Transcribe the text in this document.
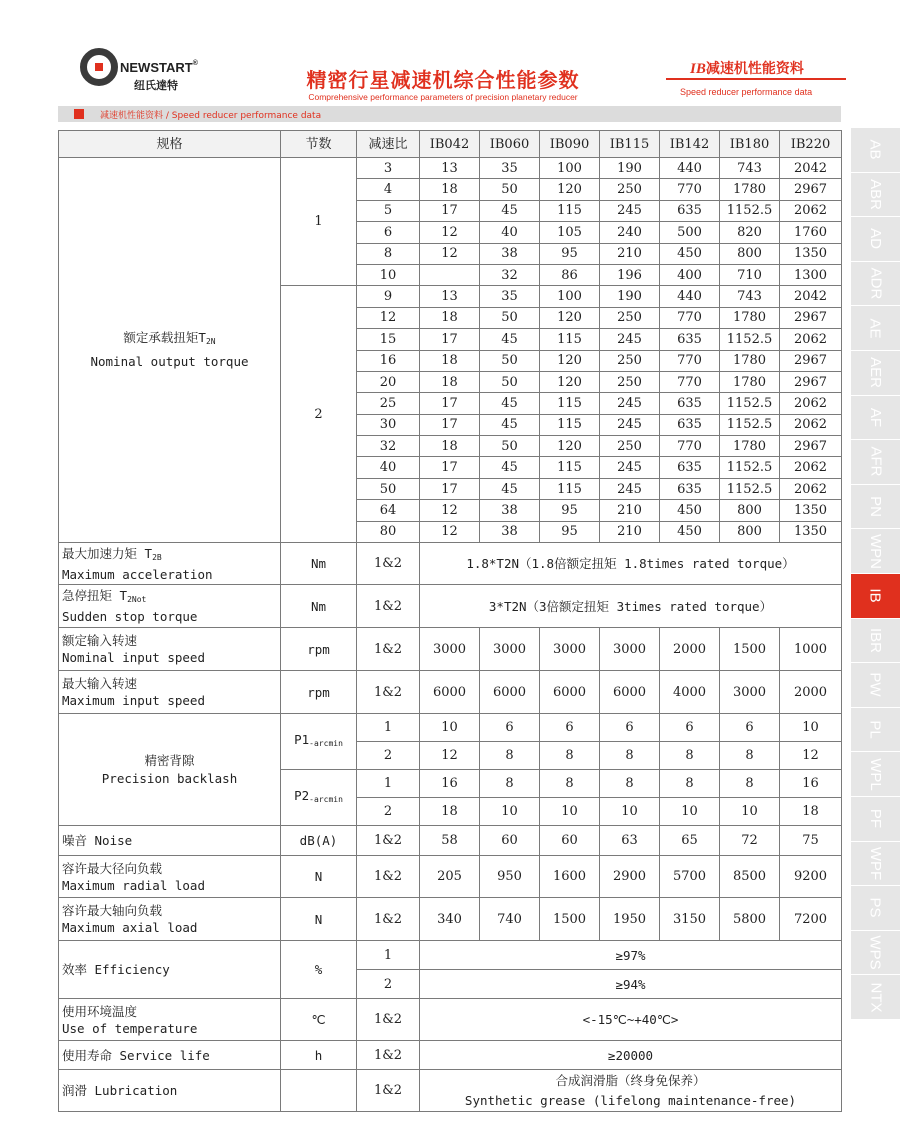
NEWSTART®
纽氏達特	精密行星减速机综合性能参数
Comprehensive performance parameters of precision planetary reducer
IB减速机性能资料
Speed reducer performance data
减速机性能资料 / Speed reducer performance data
AB
ABR
AD
ADR
AE
AER
AF
AFR
PN
WPN
IB
IBR
PW
PL
WPL
PF
WPF
PS
WPS
NTX
规格	节数	减速比	IB042	IB060	IB090	IB115	IB142	IB180	IB220
额定承载扭矩$T_{2N}$
Nominal output torque	1	3	13	35	100	190	440	743	2042
		4	18	50	120	250	770	1780	2967
		5	17	45	115	245	635	1152.5	2062
		6	12	40	105	240	500	820	1760
		8	12	38	95	210	450	800	1350
		10		32	86	196	400	710	1300
	2	9	13	35	100	190	440	743	2042
		12	18	50	120	250	770	1780	2967
		15	17	45	115	245	635	1152.5	2062
		16	18	50	120	250	770	1780	2967
		20	18	50	120	250	770	1780	2967
		25	17	45	115	245	635	1152.5	2062
		30	17	45	115	245	635	1152.5	2062
		32	18	50	120	250	770	1780	2967
		40	17	45	115	245	635	1152.5	2062
		50	17	45	115	245	635	1152.5	2062
		64	12	38	95	210	450	800	1350
		80	12	38	95	210	450	800	1350
最大加速力矩 $T_{2B}$
Maximum acceleration	Nm	1&2	1.8*T2N（1.8倍额定扭矩 1.8times rated torque）						
急停扭矩 $T_{2Not}$
Sudden stop torque	Nm	1&2	3*T2N（3倍额定扭矩 3times rated torque）						
额定输入转速
Nominal input speed	rpm	1&2	3000	3000	3000	3000	2000	1500	1000
最大输入转速
Maximum input speed	rpm	1&2	6000	6000	6000	6000	4000	3000	2000
精密背隙
Precision backlash	$P1_{-arcmin}$	1	10	6	6	6	6	6	10
		2	12	8	8	8	8	8	12
	$P2_{-arcmin}$	1	16	8	8	8	8	8	16
		2	18	10	10	10	10	10	18
噪音 Noise	dB(A)	1&2	58	60	60	63	65	72	75
容许最大径向负载
Maximum radial load	N	1&2	205	950	1600	2900	5700	8500	9200
容许最大轴向负载
Maximum axial load	N	1&2	340	740	1500	1950	3150	5800	7200
效率 Efficiency	%	1	≥97%						
		2	≥94%						
使用环境温度
Use of temperature	℃	1&2	<-15℃~+40℃>						
使用寿命 Service life	h	1&2	≥20000						
润滑 Lubrication		1&2	合成润滑脂（终身免保养）
Synthetic grease (lifelong maintenance-free)						
